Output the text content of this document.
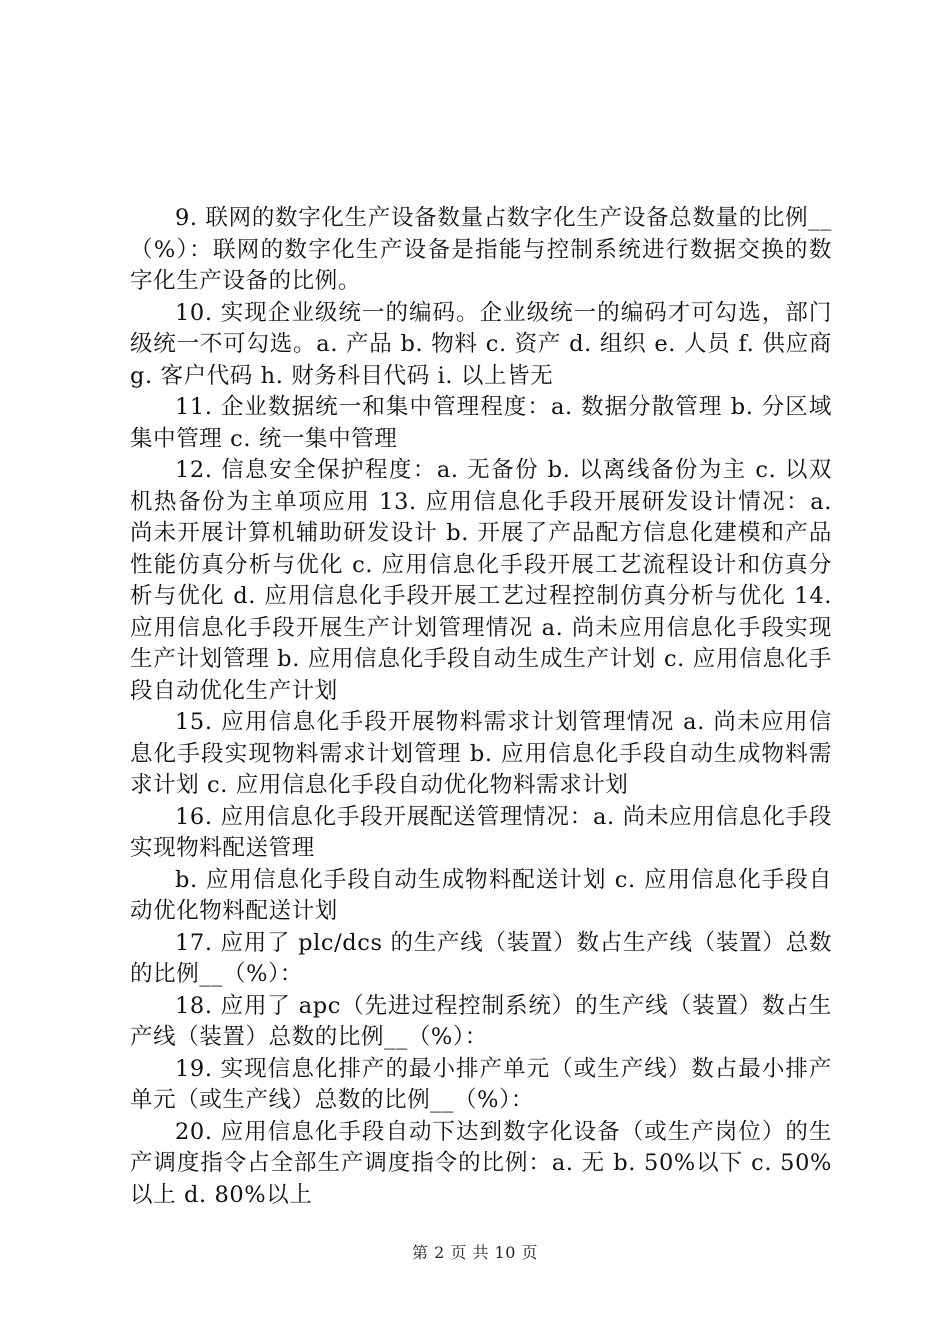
9. 联网的数字化生产设备数量占数字化生产设备总数量的比例__（%）：联网的数字化生产设备是指能与控制系统进行数据交换的数字化生产设备的比例。

10. 实现企业级统一的编码。企业级统一的编码才可勾选，部门级统一不可勾选。a. 产品 b. 物料 c. 资产 d. 组织 e. 人员 f. 供应商 g. 客户代码 h. 财务科目代码 i. 以上皆无

11. 企业数据统一和集中管理程度：a. 数据分散管理 b. 分区域集中管理 c. 统一集中管理

12. 信息安全保护程度：a. 无备份 b. 以离线备份为主 c. 以双机热备份为主单项应用 13. 应用信息化手段开展研发设计情况：a. 尚未开展计算机辅助研发设计 b. 开展了产品配方信息化建模和产品性能仿真分析与优化 c. 应用信息化手段开展工艺流程设计和仿真分析与优化 d. 应用信息化手段开展工艺过程控制仿真分析与优化 14. 应用信息化手段开展生产计划管理情况 a. 尚未应用信息化手段实现生产计划管理 b. 应用信息化手段自动生成生产计划 c. 应用信息化手段自动优化生产计划

15. 应用信息化手段开展物料需求计划管理情况 a. 尚未应用信息化手段实现物料需求计划管理 b. 应用信息化手段自动生成物料需求计划 c. 应用信息化手段自动优化物料需求计划

16. 应用信息化手段开展配送管理情况：a. 尚未应用信息化手段实现物料配送管理

b. 应用信息化手段自动生成物料配送计划 c. 应用信息化手段自动优化物料配送计划

17. 应用了 plc/dcs 的生产线（装置）数占生产线（装置）总数的比例__（%）：

18. 应用了 apc（先进过程控制系统）的生产线（装置）数占生产线（装置）总数的比例__（%）：

19. 实现信息化排产的最小排产单元（或生产线）数占最小排产单元（或生产线）总数的比例__（%）：

20. 应用信息化手段自动下达到数字化设备（或生产岗位）的生产调度指令占全部生产调度指令的比例：a. 无 b. 50%以下 c. 50%以上 d. 80%以上

第 2 页 共 10 页
